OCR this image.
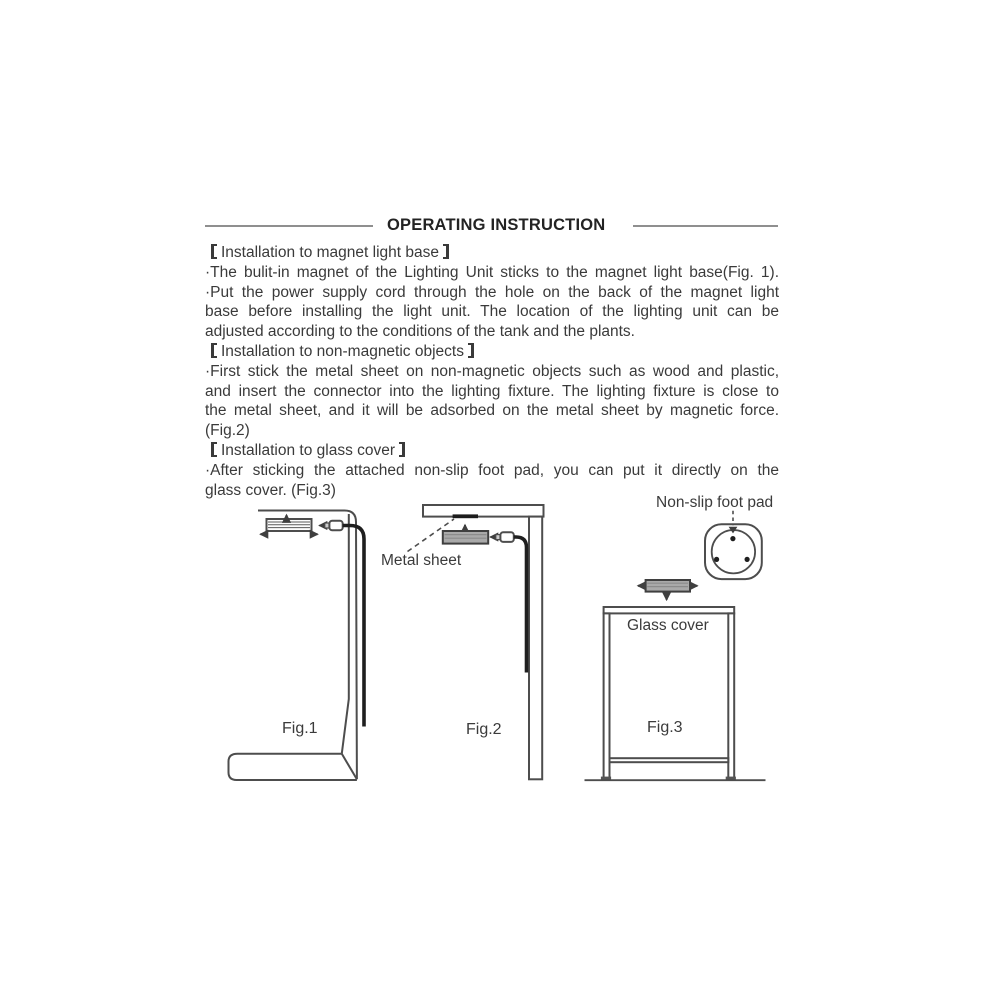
OPERATING INSTRUCTION
Installation to magnet light base
·The bulit-in magnet of the Lighting Unit sticks to the magnet light base(Fig. 1).
·Put the power supply cord through the hole on the back of the magnet light
base before installing the light unit. The location of the lighting unit can be
adjusted according to the conditions of the tank and the plants.
Installation to non-magnetic objects
·First stick the metal sheet on non-magnetic objects such as wood and plastic,
and insert the connector into the lighting fixture. The lighting fixture is close to
the metal sheet, and it will be adsorbed on the metal sheet by magnetic force.
(Fig.2)
Installation to glass cover
·After sticking the attached non-slip foot pad, you can put it directly on the
glass cover. (Fig.3)
Metal sheet
Non-slip foot pad
Glass cover
Fig.1	Fig.2	Fig.3
